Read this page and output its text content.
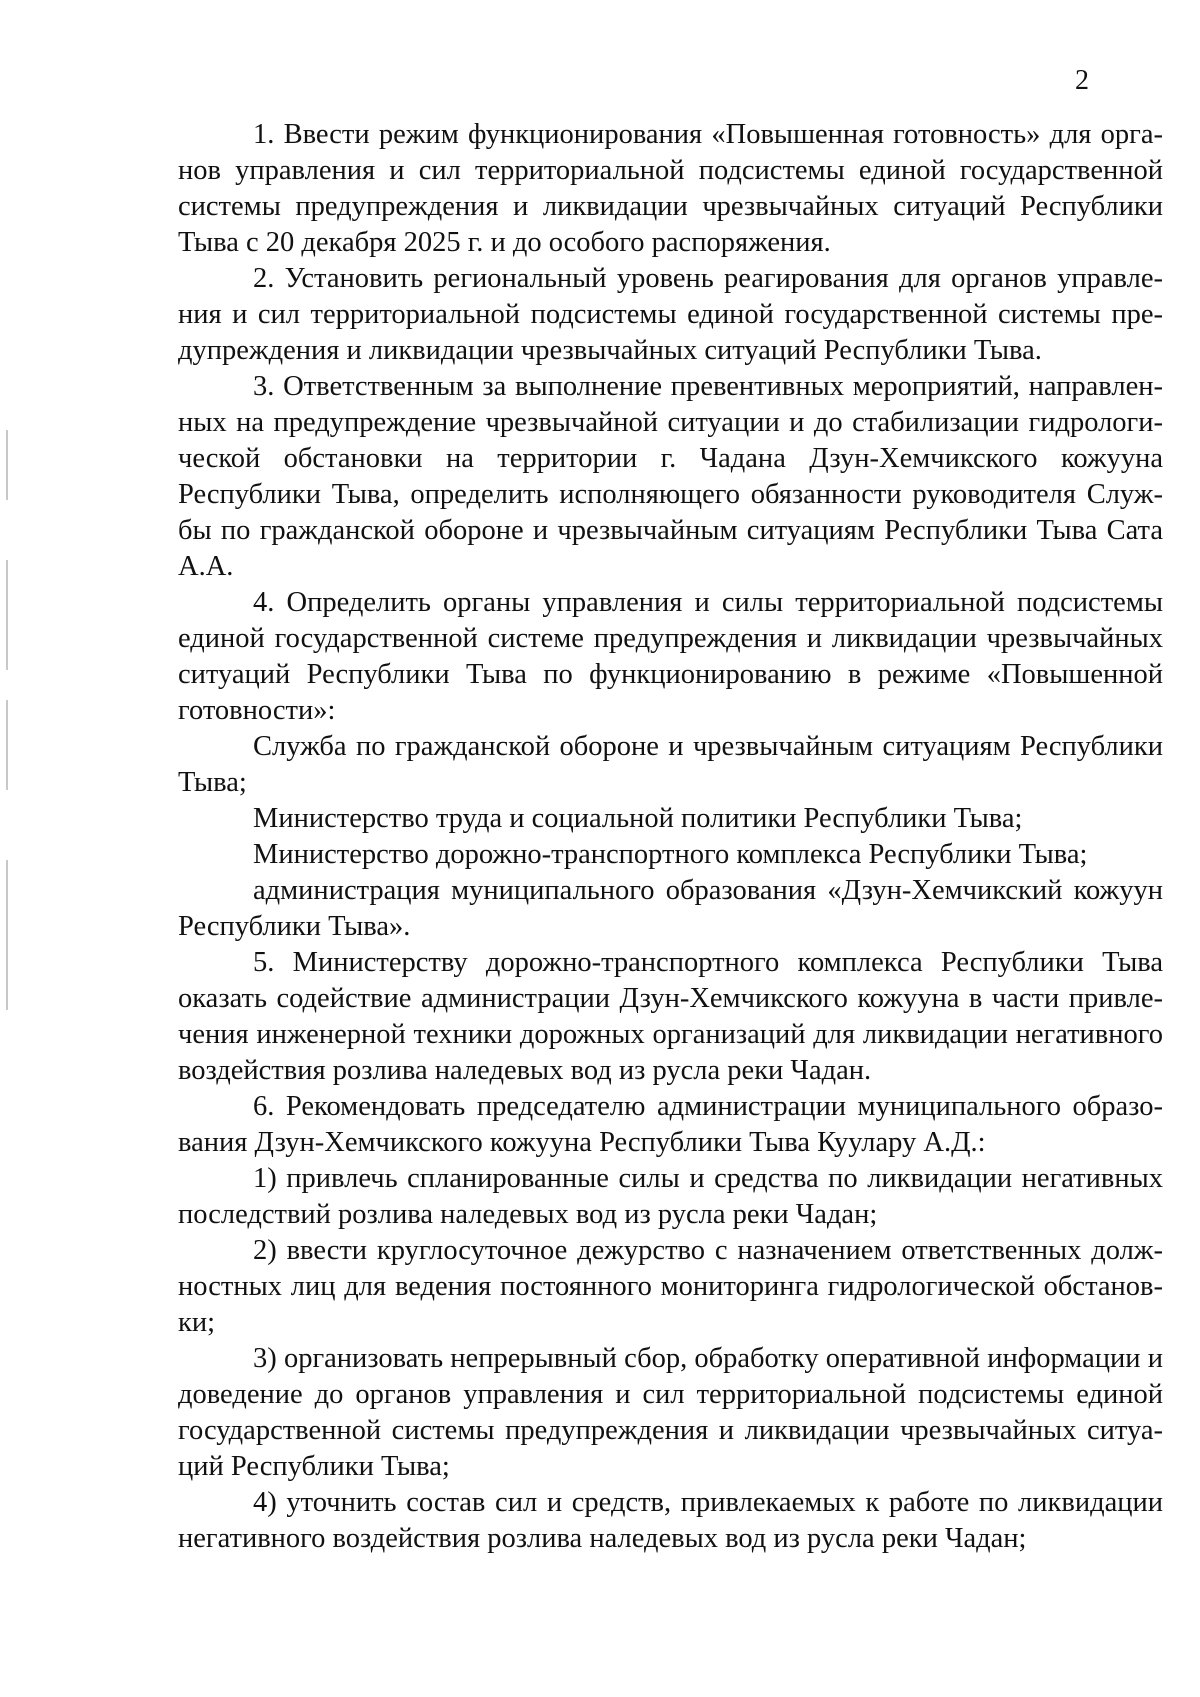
2

1. Ввести режим функционирования «Повышенная готовность» для органов управления и сил территориальной подсистемы единой государственной системы предупреждения и ликвидации чрезвычайных ситуаций Республики Тыва с 20 декабря 2025 г. и до особого распоряжения.

2. Установить региональный уровень реагирования для органов управления и сил территориальной подсистемы единой государственной системы предупреждения и ликвидации чрезвычайных ситуаций Республики Тыва.

3. Ответственным за выполнение превентивных мероприятий, направленных на предупреждение чрезвычайной ситуации и до стабилизации гидрологической обстановки на территории г. Чадана Дзун-Хемчикского кожууна Республики Тыва, определить исполняющего обязанности руководителя Службы по гражданской обороне и чрезвычайным ситуациям Республики Тыва Сата А.А.

4. Определить органы управления и силы территориальной подсистемы единой государственной системе предупреждения и ликвидации чрезвычайных ситуаций Республики Тыва по функционированию в режиме «Повышенной готовности»:

Служба по гражданской обороне и чрезвычайным ситуациям Республики Тыва;

Министерство труда и социальной политики Республики Тыва;

Министерство дорожно-транспортного комплекса Республики Тыва;

администрация муниципального образования «Дзун-Хемчикский кожуун Республики Тыва».

5. Министерству дорожно-транспортного комплекса Республики Тыва оказать содействие администрации Дзун-Хемчикского кожууна в части привлечения инженерной техники дорожных организаций для ликвидации негативного воздействия розлива наледевых вод из русла реки Чадан.

6. Рекомендовать председателю администрации муниципального образования Дзун-Хемчикского кожууна Республики Тыва Куулару А.Д.:

1) привлечь спланированные силы и средства по ликвидации негативных последствий розлива наледевых вод из русла реки Чадан;

2) ввести круглосуточное дежурство с назначением ответственных должностных лиц для ведения постоянного мониторинга гидрологической обстановки;

3) организовать непрерывный сбор, обработку оперативной информации и доведение до органов управления и сил территориальной подсистемы единой государственной системы предупреждения и ликвидации чрезвычайных ситуаций Республики Тыва;

4) уточнить состав сил и средств, привлекаемых к работе по ликвидации негативного воздействия розлива наледевых вод из русла реки Чадан;
